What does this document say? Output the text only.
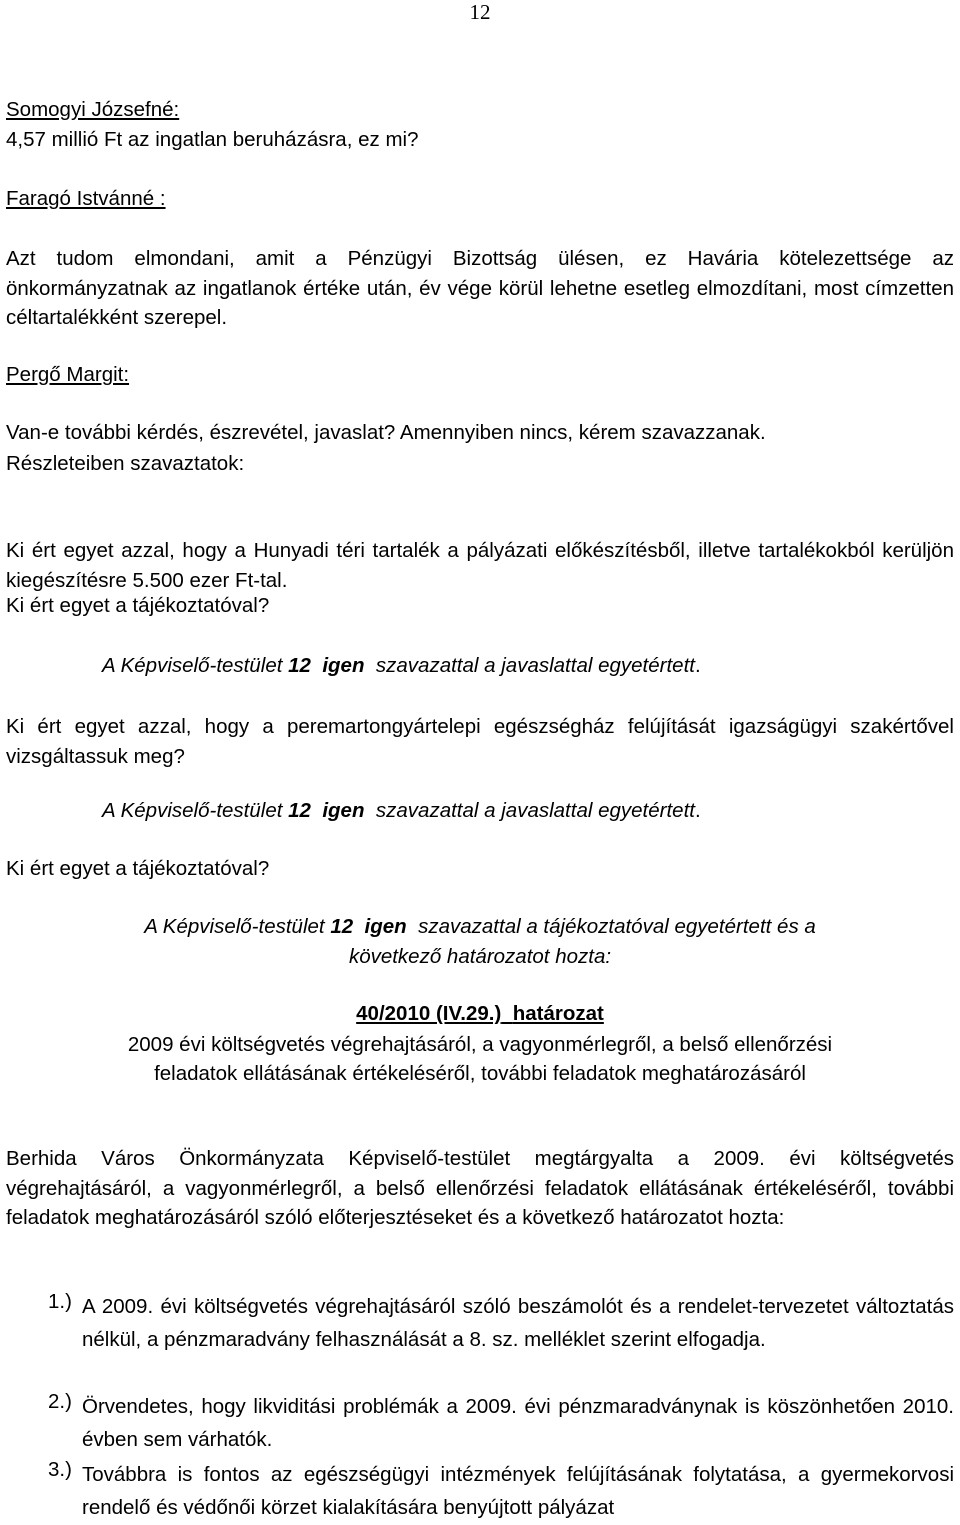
12
Somogyi Józsefné:
4,57 millió Ft az ingatlan beruházásra, ez mi?
Faragó Istvánné :
Azt tudom elmondani, amit a Pénzügyi Bizottság ülésen, ez Havária kötelezettsége az önkormányzatnak az ingatlanok értéke után, év vége körül lehetne esetleg elmozdítani, most címzetten céltartalékként szerepel.
Pergő Margit:
Van-e további kérdés, észrevétel, javaslat? Amennyiben nincs, kérem szavazzanak.
Részleteiben szavaztatok:
Ki ért egyet azzal, hogy a Hunyadi téri tartalék a pályázati előkészítésből, illetve tartalékokból kerüljön kiegészítésre 5.500 ezer Ft-tal.
Ki ért egyet a tájékoztatóval?
A Képviselő-testület 12 igen szavazattal a javaslattal egyetértett.
Ki ért egyet azzal, hogy a peremartongyártelepi egészségház felújítását igazságügyi szakértővel vizsgáltassuk meg?
A Képviselő-testület 12 igen szavazattal a javaslattal egyetértett.
Ki ért egyet a tájékoztatóval?
A Képviselő-testület 12 igen szavazattal a tájékoztatóval egyetértett és a
következő határozatot hozta:
40/2010 (IV.29.) határozat
2009 évi költségvetés végrehajtásáról, a vagyonmérlegről, a belső ellenőrzési
feladatok ellátásának értékeléséről, további feladatok meghatározásáról
Berhida Város Önkormányzata Képviselő-testület megtárgyalta a 2009. évi költségvetés végrehajtásáról, a vagyonmérlegről, a belső ellenőrzési feladatok ellátásának értékeléséről, további feladatok meghatározásáról szóló előterjesztéseket és a következő határozatot hozta:
1.) A 2009. évi költségvetés végrehajtásáról szóló beszámolót és a rendelet-tervezetet változtatás nélkül, a pénzmaradvány felhasználását a 8. sz. melléklet szerint elfogadja.
2.) Örvendetes, hogy likviditási problémák a 2009. évi pénzmaradványnak is köszönhetően 2010. évben sem várhatók.
3.) Továbbra is fontos az egészségügyi intézmények felújításának folytatása, a gyermekorvosi rendelő és védőnői körzet kialakítására benyújtott pályázat
